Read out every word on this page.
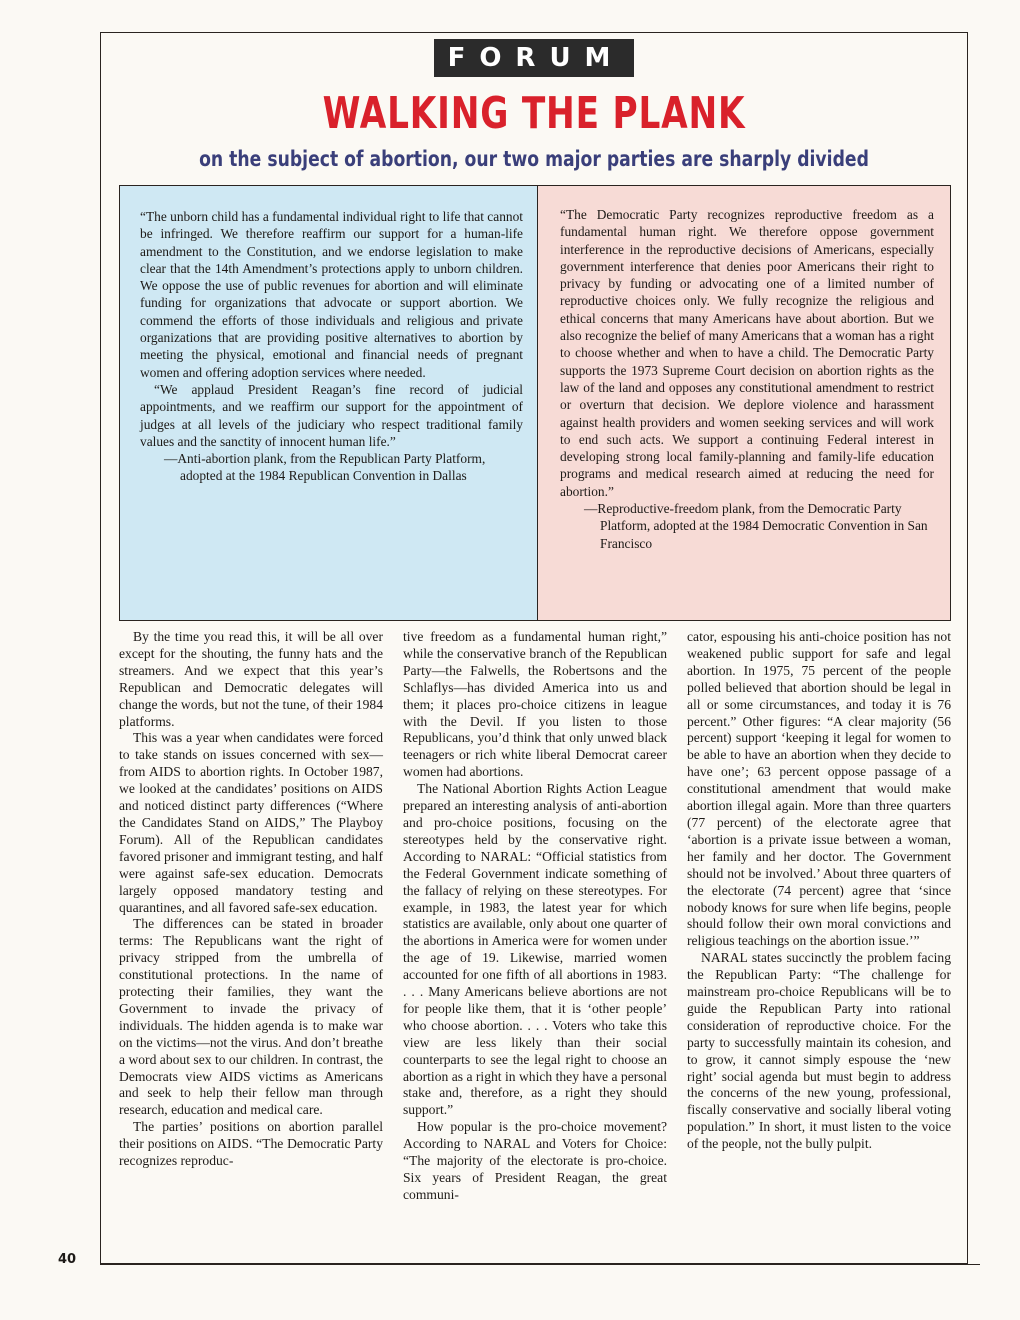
FORUM
WALKING THE PLANK
on the subject of abortion, our two major parties are sharply divided

“The unborn child has a fundamental individual right to life that cannot be infringed. We therefore reaffirm our support for a human-life amendment to the Constitution, and we endorse legislation to make clear that the 14th Amendment’s protections apply to unborn children. We oppose the use of public revenues for abortion and will eliminate funding for organizations that advocate or support abortion. We commend the efforts of those individuals and religious and private organizations that are providing positive alternatives to abortion by meeting the physical, emotional and financial needs of pregnant women and offering adoption services where needed.

“We applaud President Reagan’s fine record of judicial appointments, and we reaffirm our support for the appointment of judges at all levels of the judiciary who respect traditional family values and the sanctity of innocent human life.”

—Anti-abortion plank, from the Republican Party Platform, adopted at the 1984 Republican Convention in Dallas

“The Democratic Party recognizes reproductive freedom as a fundamental human right. We therefore oppose government interference in the reproductive decisions of Americans, especially government interference that denies poor Americans their right to privacy by funding or advocating one of a limited number of reproductive choices only. We fully recognize the religious and ethical concerns that many Americans have about abortion. But we also recognize the belief of many Americans that a woman has a right to choose whether and when to have a child. The Democratic Party supports the 1973 Supreme Court decision on abortion rights as the law of the land and opposes any constitutional amendment to restrict or overturn that decision. We deplore violence and harassment against health providers and women seeking services and will work to end such acts. We support a continuing Federal interest in developing strong local family-planning and family-life education programs and medical research aimed at reducing the need for abortion.”

—Reproductive-freedom plank, from the Democratic Party Platform, adopted at the 1984 Democratic Convention in San Francisco

By the time you read this, it will be all over except for the shouting, the funny hats and the streamers. And we expect that this year’s Republican and Democratic delegates will change the words, but not the tune, of their 1984 platforms.

This was a year when candidates were forced to take stands on issues concerned with sex—from AIDS to abortion rights. In October 1987, we looked at the candidates’ positions on AIDS and noticed distinct party differences (“Where the Candidates Stand on AIDS,” The Playboy Forum). All of the Republican candidates favored prisoner and immigrant testing, and half were against safe-sex education. Democrats largely opposed mandatory testing and quarantines, and all favored safe-sex education.

The differences can be stated in broader terms: The Republicans want the right of privacy stripped from the umbrella of constitutional protections. In the name of protecting their families, they want the Government to invade the privacy of individuals. The hidden agenda is to make war on the victims—not the virus. And don’t breathe a word about sex to our children. In contrast, the Democrats view AIDS victims as Americans and seek to help their fellow man through research, education and medical care.

The parties’ positions on abortion parallel their positions on AIDS. “The Democratic Party recognizes reproduc-

tive freedom as a fundamental human right,” while the conservative branch of the Republican Party—the Falwells, the Robertsons and the Schlaflys—has divided America into us and them; it places pro-choice citizens in league with the Devil. If you listen to those Republicans, you’d think that only unwed black teenagers or rich white liberal Democrat career women had abortions.

The National Abortion Rights Action League prepared an interesting analysis of anti-abortion and pro-choice positions, focusing on the stereotypes held by the conservative right. According to NARAL: “Official statistics from the Federal Government indicate something of the fallacy of relying on these stereotypes. For example, in 1983, the latest year for which statistics are available, only about one quarter of the abortions in America were for women under the age of 19. Likewise, married women accounted for one fifth of all abortions in 1983. . . . Many Americans believe abortions are not for people like them, that it is ‘other people’ who choose abortion. . . . Voters who take this view are less likely than their social counterparts to see the legal right to choose an abortion as a right in which they have a personal stake and, therefore, as a right they should support.”

How popular is the pro-choice movement? According to NARAL and Voters for Choice: “The majority of the electorate is pro-choice. Six years of President Reagan, the great communi-

cator, espousing his anti-choice position has not weakened public support for safe and legal abortion. In 1975, 75 percent of the people polled believed that abortion should be legal in all or some circumstances, and today it is 76 percent.” Other figures: “A clear majority (56 percent) support ‘keeping it legal for women to be able to have an abortion when they decide to have one’; 63 percent oppose passage of a constitutional amendment that would make abortion illegal again. More than three quarters (77 percent) of the electorate agree that ‘abortion is a private issue between a woman, her family and her doctor. The Government should not be involved.’ About three quarters of the electorate (74 percent) agree that ‘since nobody knows for sure when life begins, people should follow their own moral convictions and religious teachings on the abortion issue.’”

NARAL states succinctly the problem facing the Republican Party: “The challenge for mainstream pro-choice Republicans will be to guide the Republican Party into rational consideration of reproductive choice. For the party to successfully maintain its cohesion, and to grow, it cannot simply espouse the ‘new right’ social agenda but must begin to address the concerns of the new young, professional, fiscally conservative and socially liberal voting population.” In short, it must listen to the voice of the people, not the bully pulpit.

40
